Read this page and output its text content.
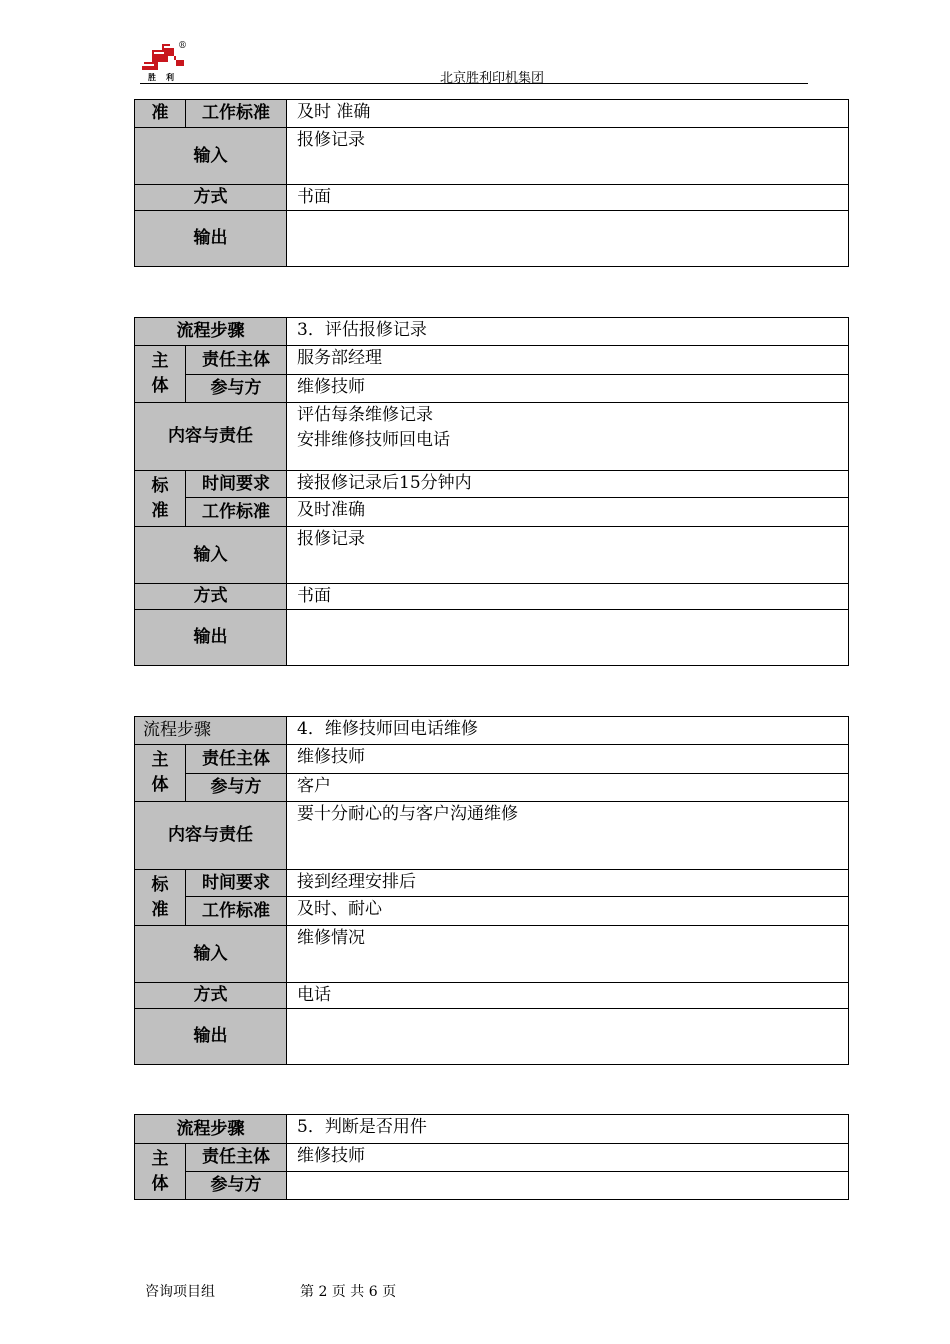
®
胜利	北京胜利印机集团
准	工作标准	及时 准确
输入		报修记录
方式		书面
输出		
流程步骤		3．评估报修记录
主体	责任主体	服务部经理
	参与方	维修技师
内容与责任		评估每条维修记录
安排维修技师回电话

标准	时间要求	接报修记录后15分钟内
	工作标准	及时准确
输入		报修记录
方式		书面
输出		
流程步骤		4．维修技师回电话维修
主体	责任主体	维修技师
	参与方	客户
内容与责任		要十分耐心的与客户沟通维修

标准	时间要求	接到经理安排后
	工作标准	及时、耐心
输入		维修情况
方式		电话
输出		
流程步骤		5．判断是否用件
主体	责任主体	维修技师
	参与方	
咨询项目组	第 2 页 共 6 页
